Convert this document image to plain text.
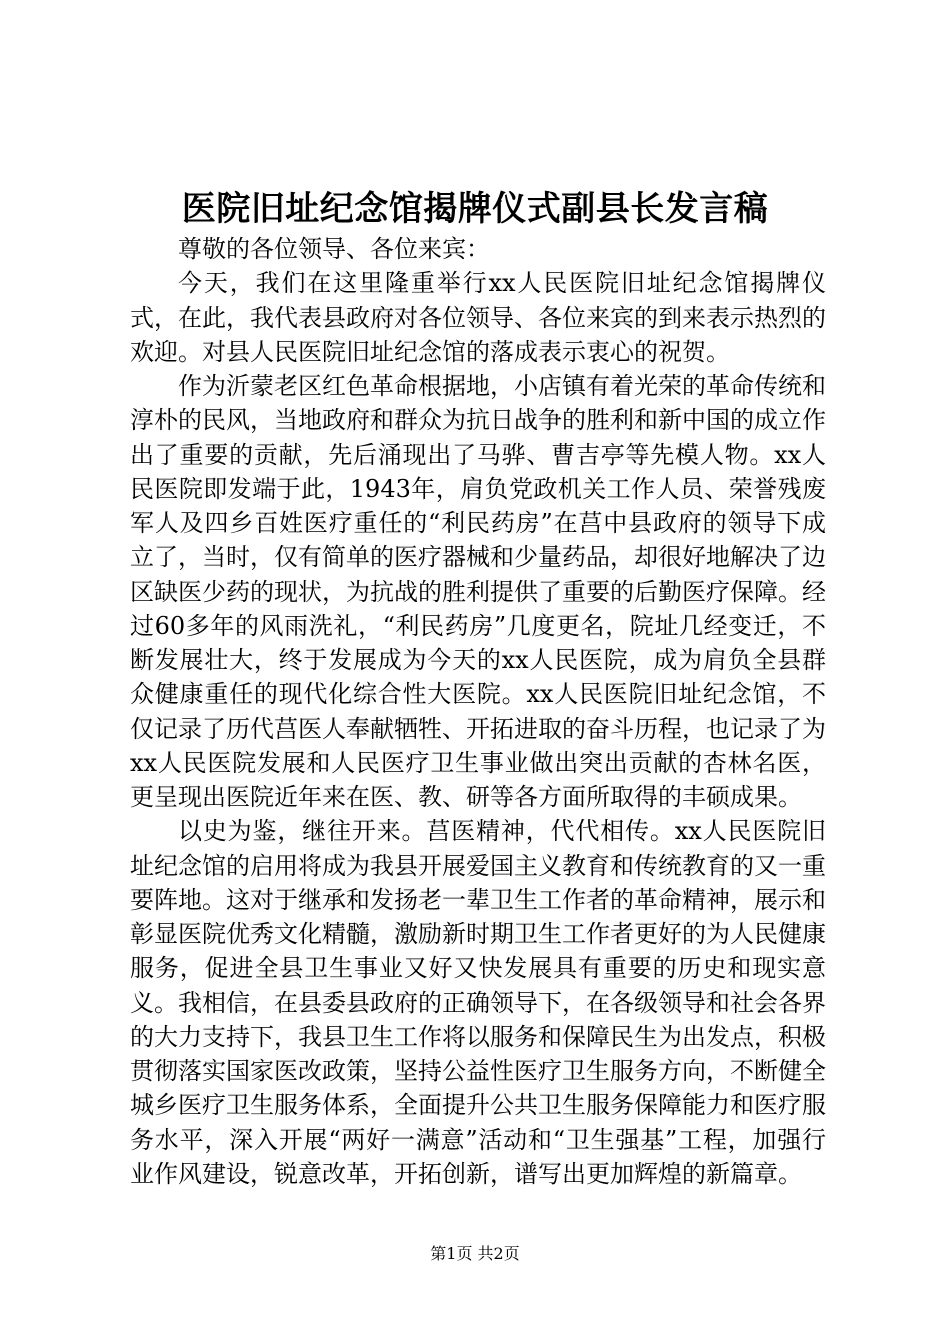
医院旧址纪念馆揭牌仪式副县长发言稿

尊敬的各位领导、各位来宾：

今天，我们在这里隆重举行xx人民医院旧址纪念馆揭牌仪式，在此，我代表县政府对各位领导、各位来宾的到来表示热烈的欢迎。对县人民医院旧址纪念馆的落成表示衷心的祝贺。

作为沂蒙老区红色革命根据地，小店镇有着光荣的革命传统和淳朴的民风，当地政府和群众为抗日战争的胜利和新中国的成立作出了重要的贡献，先后涌现出了马骅、曹吉亭等先模人物。xx人民医院即发端于此，1943年，肩负党政机关工作人员、荣誉残废军人及四乡百姓医疗重任的“利民药房”在莒中县政府的领导下成立了，当时，仅有简单的医疗器械和少量药品，却很好地解决了边区缺医少药的现状，为抗战的胜利提供了重要的后勤医疗保障。经过60多年的风雨洗礼，“利民药房”几度更名，院址几经变迁，不断发展壮大，终于发展成为今天的xx人民医院，成为肩负全县群众健康重任的现代化综合性大医院。xx人民医院旧址纪念馆，不仅记录了历代莒医人奉献牺牲、开拓进取的奋斗历程，也记录了为xx人民医院发展和人民医疗卫生事业做出突出贡献的杏林名医，更呈现出医院近年来在医、教、研等各方面所取得的丰硕成果。

以史为鉴，继往开来。莒医精神，代代相传。xx人民医院旧址纪念馆的启用将成为我县开展爱国主义教育和传统教育的又一重要阵地。这对于继承和发扬老一辈卫生工作者的革命精神，展示和彰显医院优秀文化精髓，激励新时期卫生工作者更好的为人民健康服务，促进全县卫生事业又好又快发展具有重要的历史和现实意义。我相信，在县委县政府的正确领导下，在各级领导和社会各界的大力支持下，我县卫生工作将以服务和保障民生为出发点，积极贯彻落实国家医改政策，坚持公益性医疗卫生服务方向，不断健全城乡医疗卫生服务体系，全面提升公共卫生服务保障能力和医疗服务水平，深入开展“两好一满意”活动和“卫生强基”工程，加强行业作风建设，锐意改革，开拓创新，谱写出更加辉煌的新篇章。

第1页 共2页
